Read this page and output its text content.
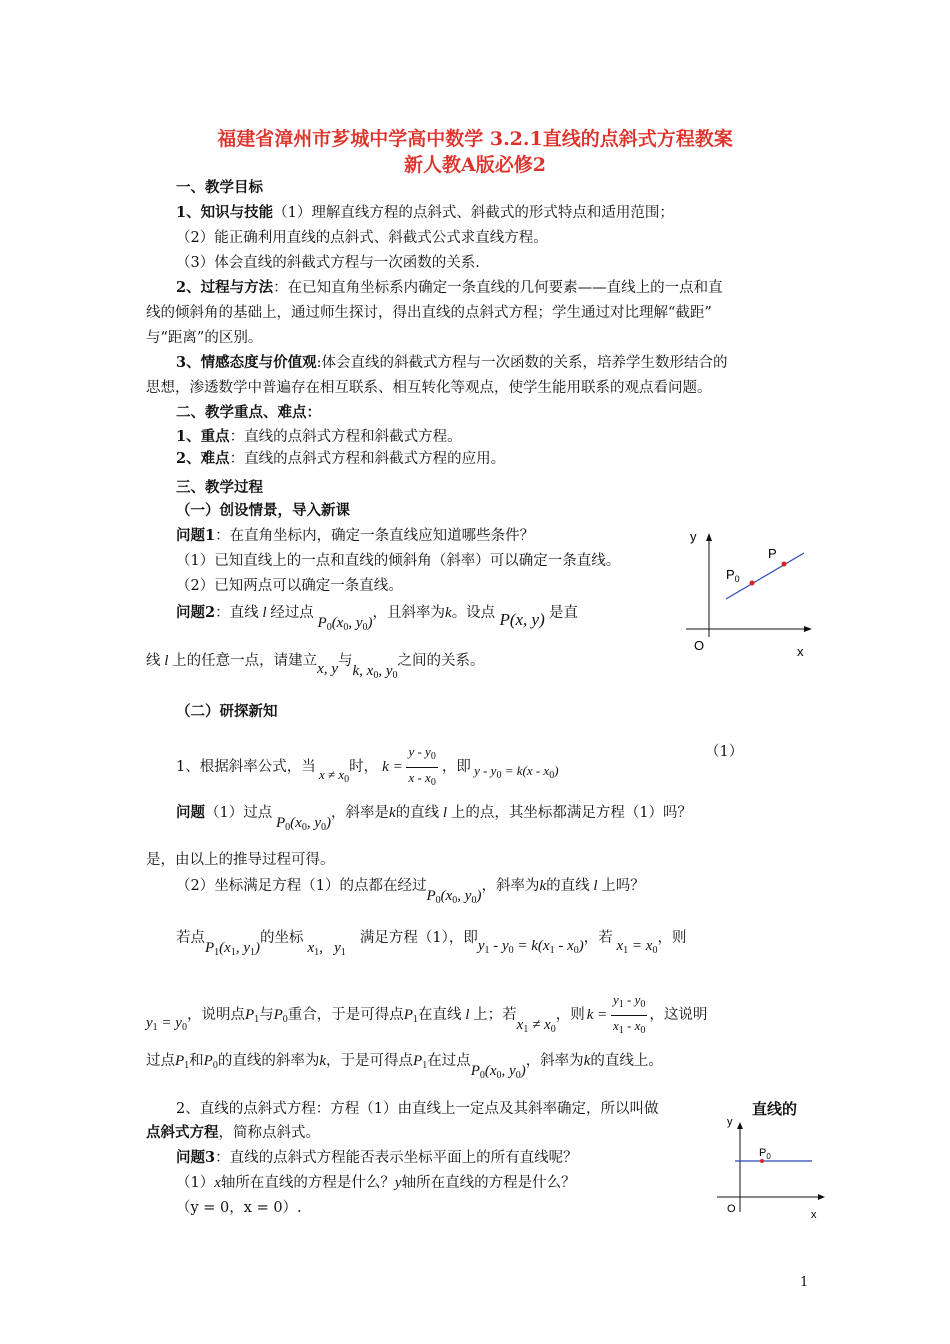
福建省漳州市芗城中学高中数学 3.2.1直线的点斜式方程教案
新人教A版必修2
一、教学目标
1、知识与技能（1）理解直线方程的点斜式、斜截式的形式特点和适用范围；
（2）能正确利用直线的点斜式、斜截式公式求直线方程。
（3）体会直线的斜截式方程与一次函数的关系.
2、过程与方法：在已知直角坐标系内确定一条直线的几何要素——直线上的一点和直
线的倾斜角的基础上，通过师生探讨，得出直线的点斜式方程；学生通过对比理解“截距”
与“距离”的区别。
3、情感态度与价值观:体会直线的斜截式方程与一次函数的关系，培养学生数形结合的
思想，渗透数学中普遍存在相互联系、相互转化等观点，使学生能用联系的观点看问题。
二、教学重点、难点：
1、重点：直线的点斜式方程和斜截式方程。
2、难点：直线的点斜式方程和斜截式方程的应用。
三、教学过程
（一）创设情景，导入新课
问题1：在直角坐标内，确定一条直线应知道哪些条件？
（1）已知直线上的一点和直线的倾斜角（斜率）可以确定一条直线。
（2）已知两点可以确定一条直线。
问题2：直线 l 经过点 $P_0(x_0$, $y_0$)，且斜率为k。设点 P(x, y) 是直
线 l 上的任意一点，请建立x, y与k, $x_0$, $y_0$之间的关系。
y
x
O
P
$P_0$
（二）研探新知
1、根据斜率公式，当 $x \ne x_0$时， $k = \frac{y - y_0}{x - x_0}$ ，即 $y - y_0 = k(x - x_0)$
（1）
问题（1）过点 $P_0(x_0$, $y_0$)，斜率是k的直线 l 上的点，其坐标都满足方程（1）吗？
是，由以上的推导过程可得。
（2）坐标满足方程（1）的点都在经过$P_0(x_0$, $y_0$)，斜率为k的直线 l 上吗？
若点$P_1(x_1$, $y_1$)的坐标$x_1$,   $y_1$满足方程（1），即$y_1 - y_0 = k(x_1 - x_0)$，若 $x_1 = x_0$，则
$y_1 = y_0$，说明点$P_1$与$P_0$重合，于是可得点$P_1$在直线 l 上；若$x_1 \ne x_0$，则 $k = \frac{y_1 - y_0}{x_1 - x_0}$ ，这说明
过点$P_1$和$P_0$的直线的斜率为k，于是可得点$P_1$在过点$P_0(x_0$, $y_0$)，斜率为k的直线上。
2、直线的点斜式方程：方程（1）由直线上一定点及其斜率确定，所以叫做	直线的
点斜式方程，简称点斜式。
问题3：直线的点斜式方程能否表示坐标平面上的所有直线呢？
（1）x轴所在直线的方程是什么？y轴所在直线的方程是什么？
（y = 0，x = 0）.
y
x
O
$P_0$
1
